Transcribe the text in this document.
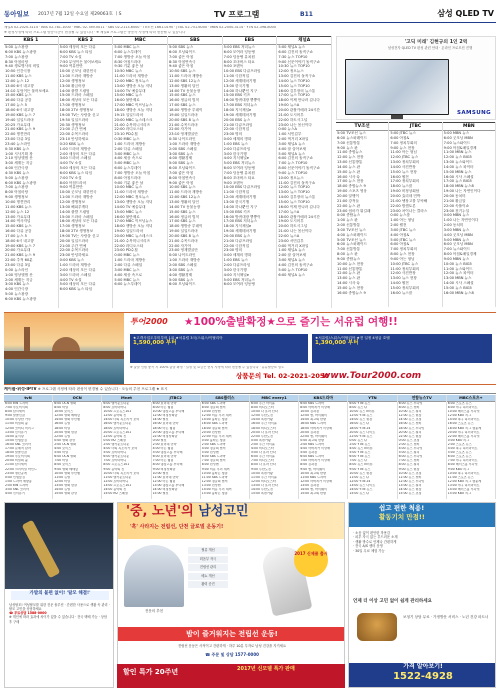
동아일보 2017년 7월 12일 수요일 제29063호 ㅣS	TV 프로그램	B11	삼성 QLED TV
채널A 02-2020-3114 · KBS 02-781-1000 · MBC 02-789-0011 · SBS 02-2113-6000 · TV조선 1661-0190 · JTBC 02-751-6000 · MBN 02-2000-3114 · YTN 02-398-8000
※ 편성사정에 따라 프로그램 방송시간이 변경될 수 있습니다 · ※ 채널A 프로그램은 방송사 사정에 따라 변동될 수 있습니다
KBS 1
5:00 뉴스광장
6:00 KBS 뉴스광장
7:00 뉴스광장
8:30 아침마당
9:40 생로병사의 비밀
10:50 인간극장
11:00 KBS 뉴스
12:00 뉴스 12
13:00 6시 내고향
14:10 무엇이든 물어보세요
15:00 KBS 뉴스
16:00 다큐 공감
17:00 뉴스 5
18:00 6시 내고향
19:00 KBS 뉴스 7
19:40 일일드라마
20:25 가요무대
21:00 KBS 뉴스 9
22:00 명견만리
23:00 다큐 3일
23:40 뉴스라인
0:30 KBS 뉴스
1:00 시사기획 창
2:10 영상앨범 산
3:00 세계는 지금
4:00 인간극장
4:30 KBS 뉴스
5:00 뉴스광장
6:00 KBS 뉴스광장
7:00 뉴스광장
8:00 아침마당
9:00 생생정보
10:00 명견만리
11:00 KBS 뉴스
12:00 뉴스 12
13:00 가요무대
14:00 역사저널
15:00 KBS 뉴스
16:00 다큐 공감
17:00 뉴스 5
18:00 6시 내고향
19:00 KBS 뉴스 7
20:00 가요무대
21:00 KBS 뉴스 9
22:00 추적 60분
23:00 다큐 3일
0:00 뉴스라인
1:00 영상앨범 산
2:00 세계는 지금
3:00 KBS 뉴스
4:00 인간극장
5:00 뉴스광장
6:00 KBS 뉴스광장
KBS 2
5:00 세상의 모든 다큐
6:00 KBS 뉴스 타임
7:00 TV 소설
7:50 무엇이든 물어보세요
9:00 여유만만
10:00 굿모닝 대한민국
11:00 드라마 재방송
12:00 생생정보
13:00 황금어장
14:00 출발 드림팀
15:00 드라마 스페셜
16:00 세상의 모든 다큐
17:00 생생정보
18:00 2TV 생생정보
19:00 TV는 사랑을 싣고
19:50 일일드라마
20:30 생생정보
21:00 주간 연예
22:00 수목드라마
23:10 안녕하세요
0:20 KBS 뉴스
1:00 드라마 재방송
2:00 세상의 모든 다큐
3:00 드라마 스페셜
4:00 TV 소설
5:00 세상의 모든 다큐
6:00 KBS 뉴스 타임
7:00 TV 소설
8:00 아침드라마
9:00 여유만만
10:00 굿모닝 대한민국
11:00 드라마 재방송
12:00 생생정보
13:00 해피투게더
14:00 출발 드림팀
15:00 드라마 스페셜
16:00 세상의 모든 다큐
17:00 생생정보
18:00 2TV 생생정보
19:00 TV는 사랑을 싣고
20:00 일일드라마
21:00 주간 연예
22:00 수목드라마
23:00 안녕하세요
0:00 KBS 뉴스
1:00 드라마 재방송
2:00 세상의 모든 다큐
3:00 드라마 스페셜
4:00 TV 소설
5:00 세상의 모든 다큐
6:00 KBS 뉴스 타임
MBC
5:00 MBC 뉴스
6:00 뉴스투데이
7:00 생방송 오늘 아침
8:30 아침드라마
9:30 기분 좋은 날
10:50 MBC 뉴스
11:00 드라마 재방송
12:00 MBC 정오뉴스
13:00 생방송 오늘 저녁
14:00 TV 예술무대
15:00 MBC 뉴스
16:00 불만제로
17:00 MBC 이브닝뉴스
18:00 생방송 오늘 저녁
19:15 일일드라마
20:00 MBC 뉴스데스크
21:00 수목미니시리즈
22:00 라디오스타
23:10 PD수첩
0:30 MBC 뉴스
1:00 드라마 재방송
2:00 다큐 스페셜
3:00 MBC 뉴스
4:00 세상 속으로
5:00 MBC 뉴스
6:00 뉴스투데이
7:00 생방송 오늘 아침
8:00 아침드라마
9:00 기분 좋은 날
10:00 MBC 뉴스
11:00 드라마 재방송
12:00 MBC 정오뉴스
13:00 생방송 오늘 저녁
14:00 TV 예술무대
15:00 MBC 뉴스
16:00 불만제로
17:00 MBC 이브닝뉴스
18:00 생방송 오늘 저녁
19:00 일일드라마
20:00 MBC 뉴스데스크
21:00 수목미니시리즈
22:00 라디오스타
23:00 PD수첩
0:00 MBC 뉴스
1:00 드라마 재방송
2:00 다큐 스페셜
3:00 MBC 뉴스
4:00 세상 속으로
5:00 MBC 뉴스
6:00 뉴스투데이
SBS
5:00 SBS 뉴스
6:00 모닝와이드
7:00 좋은 아침
8:30 아침연속극
9:40 좋은 아침
10:50 SBS 뉴스
11:00 드라마 재방송
12:00 SBS 12뉴스
13:00 생활의 달인
14:00 TV 동물농장
15:00 SBS 뉴스
16:00 정글의 법칙
17:00 SBS 뉴스
18:00 생방송 투데이
19:00 일일드라마
20:00 SBS 8 뉴스
21:00 수목드라마
22:00 자기야
23:10 영재발굴단
0:30 나이트라인
1:00 드라마 재방송
2:00 SBS 스페셜
3:00 SBS 뉴스
4:00 생활경제
5:00 SBS 뉴스
6:00 모닝와이드
7:00 좋은 아침
8:00 아침연속극
9:00 좋은 아침
10:00 SBS 뉴스
11:00 드라마 재방송
12:00 SBS 12뉴스
13:00 생활의 달인
14:00 TV 동물농장
15:00 SBS 뉴스
16:00 정글의 법칙
17:00 SBS 뉴스
18:00 생방송 투데이
19:00 일일드라마
20:00 SBS 8 뉴스
21:00 수목드라마
22:00 자기야
23:00 영재발굴단
0:00 나이트라인
1:00 드라마 재방송
2:00 SBS 스페셜
3:00 SBS 뉴스
4:00 생활경제
5:00 SBS 뉴스
6:00 모닝와이드
EBS
5:00 EBS 저녁뉴스
6:00 모여라 딩동댕
7:00 딩동댕 유치원
8:00 꼬마버스 타요
9:00 포텐독
10:00 EBS 다큐프라임
11:00 극한직업
12:00 세계테마기행
13:00 한국기행
14:00 하나뿐인 지구
15:00 EBS 키즈
16:00 방귀대장 뿡뿡이
17:00 EBS 저녁뉴스
18:00 지식채널e
19:00 세계테마기행
20:00 EBS 뉴스
21:00 다큐프라임
22:00 극한직업
23:00 명의
0:00 세계의 명화
1:00 EBS 뉴스
2:00 다큐프라임
3:00 한국기행
4:00 지식채널e
5:00 EBS 저녁뉴스
6:00 모여라 딩동댕
7:00 딩동댕 유치원
8:00 꼬마버스 타요
9:00 포텐독
10:00 EBS 다큐프라임
11:00 극한직업
12:00 세계테마기행
13:00 한국기행
14:00 하나뿐인 지구
15:00 EBS 키즈
16:00 방귀대장 뿡뿡이
17:00 EBS 저녁뉴스
18:00 지식채널e
19:00 세계테마기행
20:00 EBS 뉴스
21:00 다큐프라임
22:00 극한직업
23:00 명의
0:00 세계의 명화
1:00 EBS 뉴스
2:00 다큐프라임
3:00 한국기행
4:00 지식채널e
5:00 EBS 저녁뉴스
6:00 모여라 딩동댕
채널A
5:00 채널A 뉴스
6:00 김진의 돌직구쇼
7:30 뉴스 TOP10
9:00 신문이야기 돌직구쇼
10:30 뉴스 TOP10
12:00 정오뉴스
13:00 김진의 돌직구쇼
14:00 뉴스 TOP10
15:00 뉴스 TOP10
16:00 김부장의 뉴스통
17:00 뉴스 TOP10
18:00 이제 만나러 갑니다
19:00 뉴스A
20:00 관찰카메라 24시간
21:00 도시어부
22:00 하트시그널
23:00 나는 몸신이다
0:00 뉴스A
1:00 서민갑부
2:00 먹거리 X파일
3:00 채널A 뉴스
4:00 잘 살아보세
5:00 채널A 뉴스
6:00 김진의 돌직구쇼
7:00 뉴스 TOP10
8:00 신문이야기 돌직구쇼
9:00 뉴스 TOP10
10:00 정오뉴스
11:00 김진의 돌직구쇼
12:00 뉴스 TOP10
13:00 뉴스 TOP10
14:00 김부장의 뉴스통
15:00 뉴스 TOP10
16:00 이제 만나러 갑니다
17:00 뉴스A
18:00 관찰카메라 24시간
19:00 도시어부
20:00 하트시그널
21:00 나는 몸신이다
22:00 뉴스A
23:00 서민갑부
0:00 먹거리 X파일
1:00 채널A 뉴스
2:00 잘 살아보세
3:00 채널A 뉴스
4:00 김진의 돌직구쇼
5:00 뉴스 TOP10
6:00 채널A 뉴스
'고딕 미래' 김현규의 1인 2역
삼성전자 QLED TV 편성 관련 안내 · 온라인 프로모션 진행
SAMSUNG
TV조선
5:00 TV조선 뉴스
6:00 뉴스퍼레이드
7:00 신통방통
9:00 뉴스 판
11:00 종합뉴스
12:00 뉴스 현장
13:00 신통방통
14:00 뉴스 판
15:00 뉴스 판
16:00 시사 Q
17:00 뉴스 현장
18:00 종합뉴스 9
19:00 스포츠 영웅
20:00 알맹이
21:00 강적들
22:00 뉴스 판
23:00 엄마가 뭐길래
0:00 종합뉴스
1:00 뉴스 판
2:00 신통방통
3:00 TV조선 뉴스
4:00 뉴스퍼레이드
5:00 TV조선 뉴스
6:00 뉴스퍼레이드
7:00 신통방통
8:00 뉴스 판
9:00 종합뉴스
10:00 뉴스 현장
11:00 신통방통
12:00 뉴스 판
13:00 뉴스 판
14:00 시사 Q
15:00 뉴스 현장
16:00 종합뉴스 9
JTBC
5:00 JTBC 뉴스
6:00 아침&
7:00 정치부회의
9:00 뉴스 현장
11:00 아는 형님
12:00 JTBC 뉴스
13:00 정치부회의
14:00 사건반장
15:00 뉴스 현장
16:00 썰전
17:00 정치부회의
18:00 뉴스룸
19:00 비정상회담
20:00 효리네 민박
21:00 냉장고를 부탁해
22:00 밤샘토론
23:00 차이나는 클라스
0:00 뉴스룸
1:00 아는 형님
2:00 썰전
3:00 JTBC 뉴스
4:00 아침&
5:00 JTBC 뉴스
6:00 아침&
7:00 정치부회의
8:00 뉴스 현장
9:00 아는 형님
10:00 JTBC 뉴스
11:00 정치부회의
12:00 사건반장
13:00 뉴스 현장
14:00 썰전
15:00 정치부회의
16:00 뉴스룸
MBN
5:00 MBN 뉴스
6:00 굿모닝 MBN
7:00 뉴스와이드
9:00 아침&매일경제
11:00 MBN 뉴스
12:00 뉴스 BIG5
13:00 뉴스와이드
14:00 뉴스 파이터
15:00 MBN 뉴스
16:00 시사 스페셜
17:00 뉴스 BIG5
18:00 MBN 뉴스8
19:00 나는 자연인이다
20:00 동치미
21:00 황금알
22:00 속풀이쇼
23:00 천기누설
0:00 MBN 뉴스
1:00 나는 자연인이다
2:00 동치미
3:00 MBN 뉴스
4:00 굿모닝 MBN
5:00 MBN 뉴스
6:00 굿모닝 MBN
7:00 뉴스와이드
8:00 아침&매일경제
9:00 MBN 뉴스
10:00 뉴스 BIG5
11:00 뉴스와이드
12:00 뉴스 파이터
13:00 MBN 뉴스
14:00 시사 스페셜
15:00 뉴스 BIG5
16:00 MBN 뉴스8
투어2000 ★100%출발확정★으로 즐기는 서유럽 여행!!
★고객사업도우미투어 1위 ★서유럽 3국/스위스/이탈리아
1,590,000 부터
★서유럽/스위스/이탈리아 ★전 일정 4성급 호텔
1,390,000 부터
※ 출발 인원 충족 시 100% 출발 확정 · 일정 및 요금은 현지 사정에 따라 변동될 수 있습니다 · 유류할증료 별도
상품문의 Tel. 02-2021-2050
www.Tour2000.com
케이블·위성·IPTV ※ 프로그램 사정에 따라 편성이 변경될 수 있습니다 · 오늘의 추천 프로그램 ★ 표시
tvN
6:00 tvN 드라마
7:00 수요미식회
8:00 삼시세끼
9:00 알쓸신잡
10:00 수상한 가수
11:00 비밀의 숲
12:00 코미디 빅리그
13:00 신서유기
14:00 윤식당
15:00 인생술집
16:00 SNL 코리아
17:00 문제적 남자
18:00 알쓸신잡
19:00 수요미식회
20:00 비밀의 숲
21:00 삼시세끼
22:00 크리미널 마인드
23:00 명단공개
0:00 인생술집
1:00 드라마 재방송
2:00 tvN 드라마
3:00 SNL 코리아
4:00 신서유기
OCN
6:00 OCN 영화
8:00 터널
10:00 보이스
12:00 영화 베테랑
14:00 영화 부산행
16:00 듀얼
18:00 터널
20:00 영화 암살
22:00 듀얼
0:00 영화 관상
2:00 OCN 영화
4:00 보이스
5:00 터널
6:00 OCN 영화
7:00 터널
8:00 보이스
9:00 영화 베테랑
10:00 영화 부산행
11:00 듀얼
12:00 터널
13:00 영화 암살
14:00 듀얼
15:00 영화 관상
Mnet
6:00 엠카운트다운
8:00 쇼미더머니
10:00 프로듀스101
12:00 음악의 신
14:00 너의 목소리가 보여
16:00 엠카운트다운
18:00 쇼미더머니
20:00 프로듀스101
22:00 음악의 신
0:00 M2 스페셜
2:00 엠카운트다운
4:00 너의 목소리가 보여
5:00 쇼미더머니
6:00 엠카운트다운
7:00 쇼미더머니
8:00 프로듀스101
9:00 음악의 신
10:00 너의 목소리가 보여
11:00 엠카운트다운
12:00 쇼미더머니
13:00 프로듀스101
14:00 음악의 신
15:00 M2 스페셜
JTBC2
6:00 효리네 민박
8:00 아는 형님
10:00 냉장고를 부탁해
12:00 비정상회담
14:00 썰전
16:00 효리네 민박
18:00 아는 형님
20:00 냉장고를 부탁해
22:00 비정상회담
0:00 썰전
2:00 효리네 민박
4:00 아는 형님
5:00 냉장고를 부탁해
6:00 효리네 민박
7:00 아는 형님
8:00 냉장고를 부탁해
9:00 비정상회담
10:00 썰전
11:00 효리네 민박
12:00 아는 형님
13:00 냉장고를 부탁해
14:00 비정상회담
15:00 썰전
SBS플러스
6:00 SBS 드라마
8:00 정글의 법칙
10:00 런닝맨
12:00 미운 우리 새끼
14:00 불타는 청춘
16:00 SBS 드라마
18:00 정글의 법칙
20:00 런닝맨
22:00 미운 우리 새끼
0:00 불타는 청춘
2:00 SBS 드라마
4:00 정글의 법칙
5:00 런닝맨
6:00 SBS 드라마
7:00 정글의 법칙
8:00 런닝맨
9:00 미운 우리 새끼
10:00 불타는 청춘
11:00 SBS 드라마
12:00 정글의 법칙
13:00 런닝맨
14:00 미운 우리 새끼
15:00 불타는 청춘
MBC every1
6:00 주간 아이돌
8:00 비디오스타
10:00 나 혼자 산다
12:00 무한도전
14:00 복면가왕
16:00 주간 아이돌
18:00 비디오스타
20:00 나 혼자 산다
22:00 무한도전
0:00 복면가왕
2:00 주간 아이돌
4:00 비디오스타
5:00 나 혼자 산다
6:00 주간 아이돌
7:00 비디오스타
8:00 나 혼자 산다
9:00 무한도전
10:00 복면가왕
11:00 주간 아이돌
12:00 비디오스타
13:00 나 혼자 산다
14:00 무한도전
15:00 복면가왕
KBS드라마
6:00 KBS 드라마
8:00 아버지가 이상해
10:00 김과장
12:00 쌈, 마이웨이
14:00 최고의 한방
16:00 KBS 드라마
18:00 아버지가 이상해
20:00 김과장
22:00 쌈, 마이웨이
0:00 최고의 한방
2:00 KBS 드라마
4:00 아버지가 이상해
5:00 김과장
6:00 KBS 드라마
7:00 아버지가 이상해
8:00 김과장
9:00 쌈, 마이웨이
10:00 최고의 한방
11:00 KBS 드라마
12:00 아버지가 이상해
13:00 김과장
14:00 쌈, 마이웨이
15:00 최고의 한방
YTN
6:00 YTN 뉴스
8:00 뉴스 Q
10:00 뉴스 N이슈
12:00 YTN 뉴스
14:00 뉴스 현장
16:00 뉴스 Q
18:00 YTN 24
20:00 뉴스 나이트
22:00 YTN 뉴스
0:00 뉴스 Q
2:00 YTN 뉴스
4:00 뉴스 N이슈
5:00 YTN 뉴스
6:00 YTN 뉴스
7:00 뉴스 Q
8:00 뉴스 N이슈
9:00 YTN 뉴스
10:00 뉴스 현장
11:00 뉴스 Q
12:00 YTN 24
13:00 뉴스 나이트
14:00 YTN 뉴스
15:00 뉴스 Q
연합뉴스TV
6:00 뉴스 투나잇
8:00 뉴스 센터
10:00 뉴스 워치
12:00 뉴스 현장
14:00 뉴스 초점
16:00 뉴스 센터
18:00 뉴스 투나잇
20:00 뉴스 워치
22:00 뉴스 현장
0:00 뉴스 초점
2:00 뉴스 센터
4:00 뉴스 투나잇
5:00 뉴스 워치
6:00 뉴스 투나잇
7:00 뉴스 센터
8:00 뉴스 워치
9:00 뉴스 현장
10:00 뉴스 초점
11:00 뉴스 센터
12:00 뉴스 투나잇
13:00 뉴스 워치
14:00 뉴스 현장
15:00 뉴스 초점
MBC스포츠+
6:00 스포츠 뉴스
8:00 야구 하이라이트
10:00 베이스볼 투나잇
12:00 KBO 리그
14:00 축구 하이라이트
16:00 스포츠 뉴스
18:00 KBO 리그 생중계
20:00 야구 하이라이트
22:00 베이스볼 투나잇
0:00 KBO 리그
2:00 스포츠 뉴스
4:00 축구 하이라이트
5:00 스포츠 뉴스
6:00 스포츠 뉴스
7:00 야구 하이라이트
8:00 베이스볼 투나잇
9:00 KBO 리그
10:00 축구 하이라이트
11:00 스포츠 뉴스
12:00 KBO 리그 생중계
13:00 야구 하이라이트
14:00 베이스볼 투나잇
15:00 KBO 리그
가발의 불편 없이! '탈모 해결!'
남성탈모! 여성탈모를 위한 전문 솔루션 · 간편한 사용으로 생활 속 관리 · 탈모 고민을 상담하세요
☎ 무료상담 1588-0000
※ 개인에 따라 효과에 차이가 있을 수 있습니다 · 전국 택배 가능 · 상담 후 구매
'중, 노년'의 남성고민
'혹' 사라지는 전립선, 단천 글로벌 운동기!
전문의 추천
혈류 개선
회음부 자극
전립선 관리
배뇨 개선
활력 증진
2017 신제품 출시
밤이 즐거워지는 전립선 운동!
전립선 운동은 사적이고 간편하게 · 하루 10분 투자로 남성 건강을 지키세요
☎ 주문 및 상담 1577-0000
할인 특가 20주년	2017년 신모델 특가 판매
쉽고 편한 척용!
활동기치 만점!!
· 소음 없이 편안한 착용감
· 피부 자극 없는 부드러운 소재
· 생활 방수로 언제나 간편하게
· 전국 A/S 센터 운영
· 30일 무료 체험 가능
언제 더 이상 고민 없이 쉽게 관리하세요
보청기 상담 무료 · 가정방문 서비스 · 노년 건강 파트너
가격 알아보기!
1522-4928
